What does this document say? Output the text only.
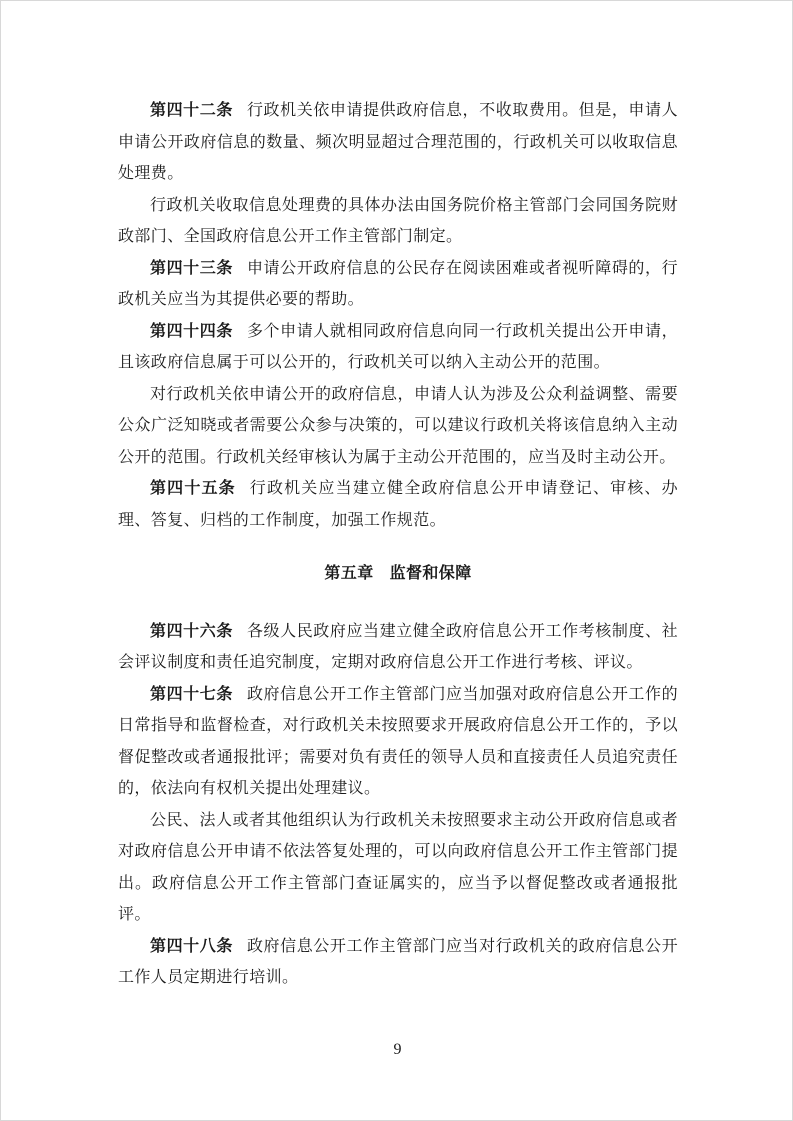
第四十二条 行政机关依申请提供政府信息，不收取费用。但是，申请人申请公开政府信息的数量、频次明显超过合理范围的，行政机关可以收取信息处理费。

行政机关收取信息处理费的具体办法由国务院价格主管部门会同国务院财政部门、全国政府信息公开工作主管部门制定。

第四十三条 申请公开政府信息的公民存在阅读困难或者视听障碍的，行政机关应当为其提供必要的帮助。

第四十四条 多个申请人就相同政府信息向同一行政机关提出公开申请，且该政府信息属于可以公开的，行政机关可以纳入主动公开的范围。

对行政机关依申请公开的政府信息，申请人认为涉及公众利益调整、需要公众广泛知晓或者需要公众参与决策的，可以建议行政机关将该信息纳入主动公开的范围。行政机关经审核认为属于主动公开范围的，应当及时主动公开。

第四十五条 行政机关应当建立健全政府信息公开申请登记、审核、办理、答复、归档的工作制度，加强工作规范。

第五章 监督和保障

第四十六条 各级人民政府应当建立健全政府信息公开工作考核制度、社会评议制度和责任追究制度，定期对政府信息公开工作进行考核、评议。

第四十七条 政府信息公开工作主管部门应当加强对政府信息公开工作的日常指导和监督检查，对行政机关未按照要求开展政府信息公开工作的，予以督促整改或者通报批评；需要对负有责任的领导人员和直接责任人员追究责任的，依法向有权机关提出处理建议。

公民、法人或者其他组织认为行政机关未按照要求主动公开政府信息或者对政府信息公开申请不依法答复处理的，可以向政府信息公开工作主管部门提出。政府信息公开工作主管部门查证属实的，应当予以督促整改或者通报批评。

第四十八条 政府信息公开工作主管部门应当对行政机关的政府信息公开工作人员定期进行培训。

9
